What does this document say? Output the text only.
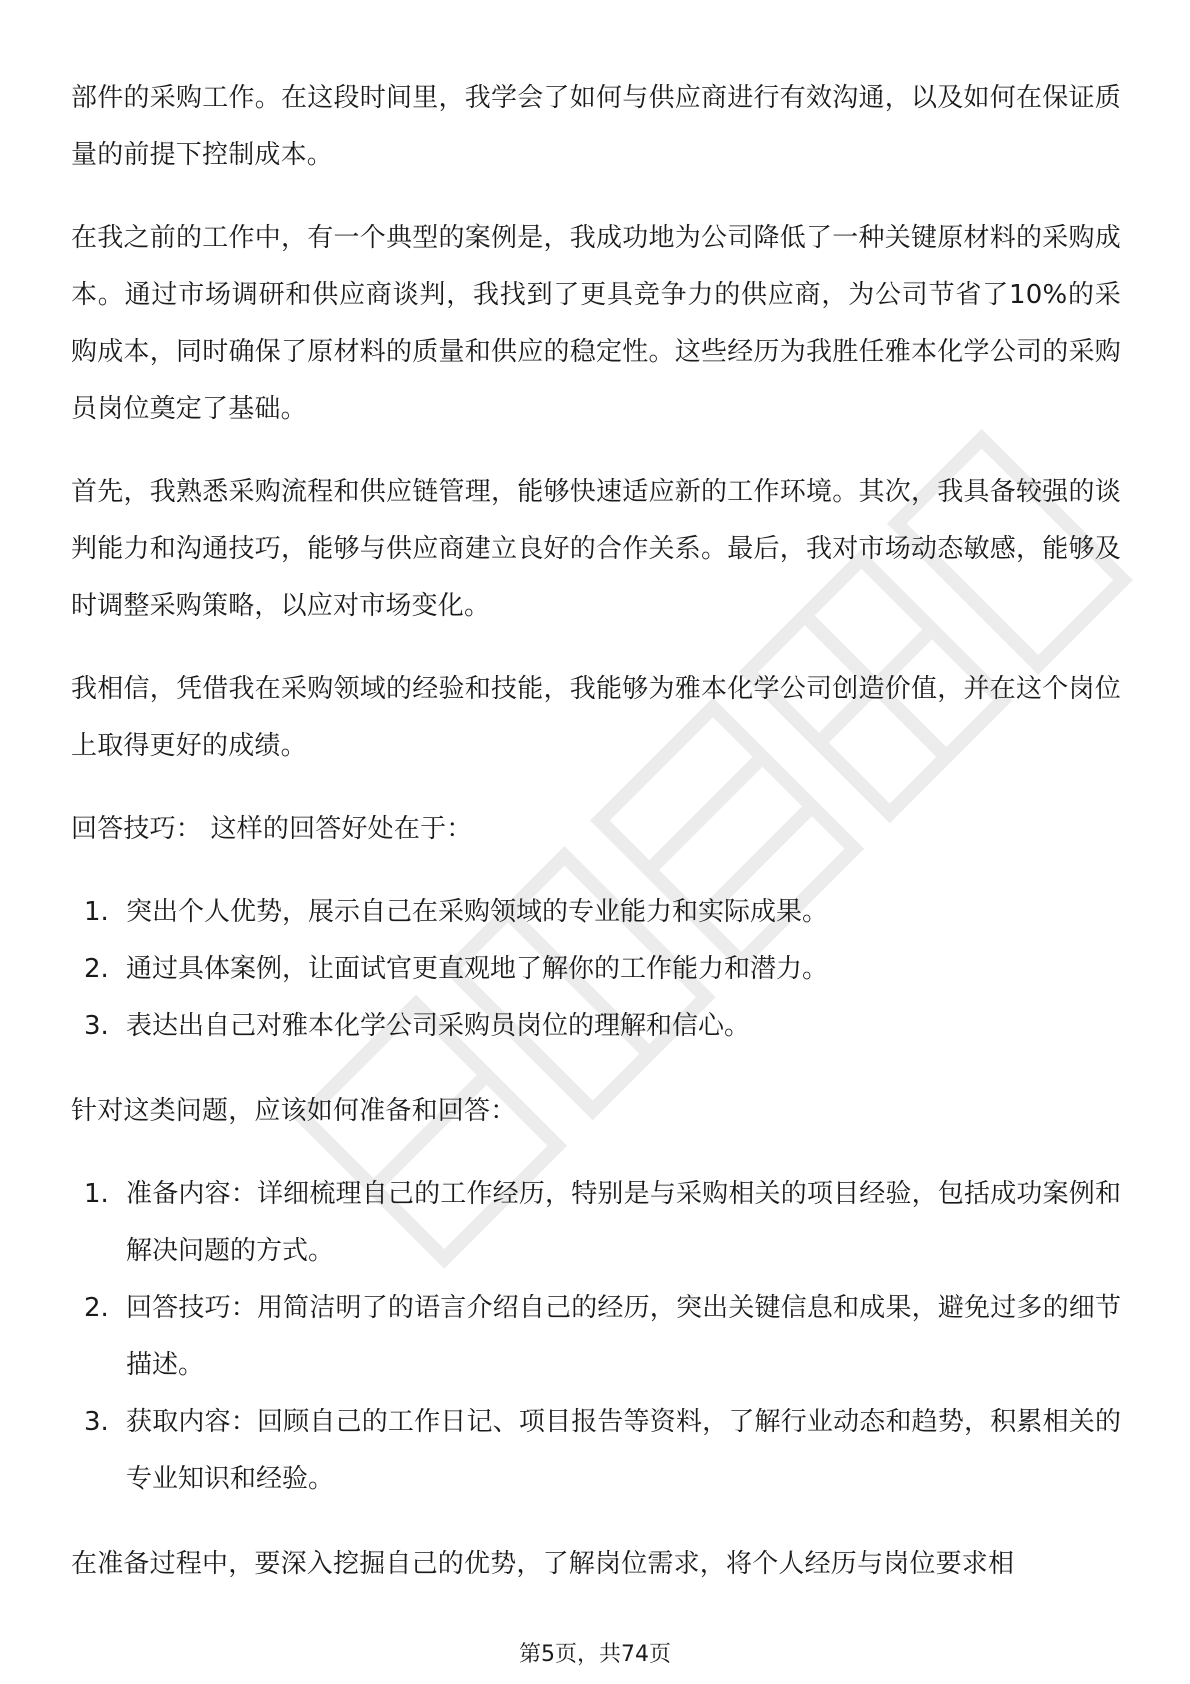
部件的采购工作。在这段时间里，我学会了如何与供应商进行有效沟通，以及如何在保证质量的前提下控制成本。

在我之前的工作中，有一个典型的案例是，我成功地为公司降低了一种关键原材料的采购成本。通过市场调研和供应商谈判，我找到了更具竞争力的供应商，为公司节省了10%的采购成本，同时确保了原材料的质量和供应的稳定性。这些经历为我胜任雅本化学公司的采购员岗位奠定了基础。

首先，我熟悉采购流程和供应链管理，能够快速适应新的工作环境。其次，我具备较强的谈判能力和沟通技巧，能够与供应商建立良好的合作关系。最后，我对市场动态敏感，能够及时调整采购策略，以应对市场变化。

我相信，凭借我在采购领域的经验和技能，我能够为雅本化学公司创造价值，并在这个岗位上取得更好的成绩。

回答技巧： 这样的回答好处在于：

1. 突出个人优势，展示自己在采购领域的专业能力和实际成果。
2. 通过具体案例，让面试官更直观地了解你的工作能力和潜力。
3. 表达出自己对雅本化学公司采购员岗位的理解和信心。

针对这类问题，应该如何准备和回答：

1. 准备内容：详细梳理自己的工作经历，特别是与采购相关的项目经验，包括成功案例和解决问题的方式。
2. 回答技巧：用简洁明了的语言介绍自己的经历，突出关键信息和成果，避免过多的细节描述。
3. 获取内容：回顾自己的工作日记、项目报告等资料，了解行业动态和趋势，积累相关的专业知识和经验。

在准备过程中，要深入挖掘自己的优势，了解岗位需求，将个人经历与岗位要求相

第5页，共74页
